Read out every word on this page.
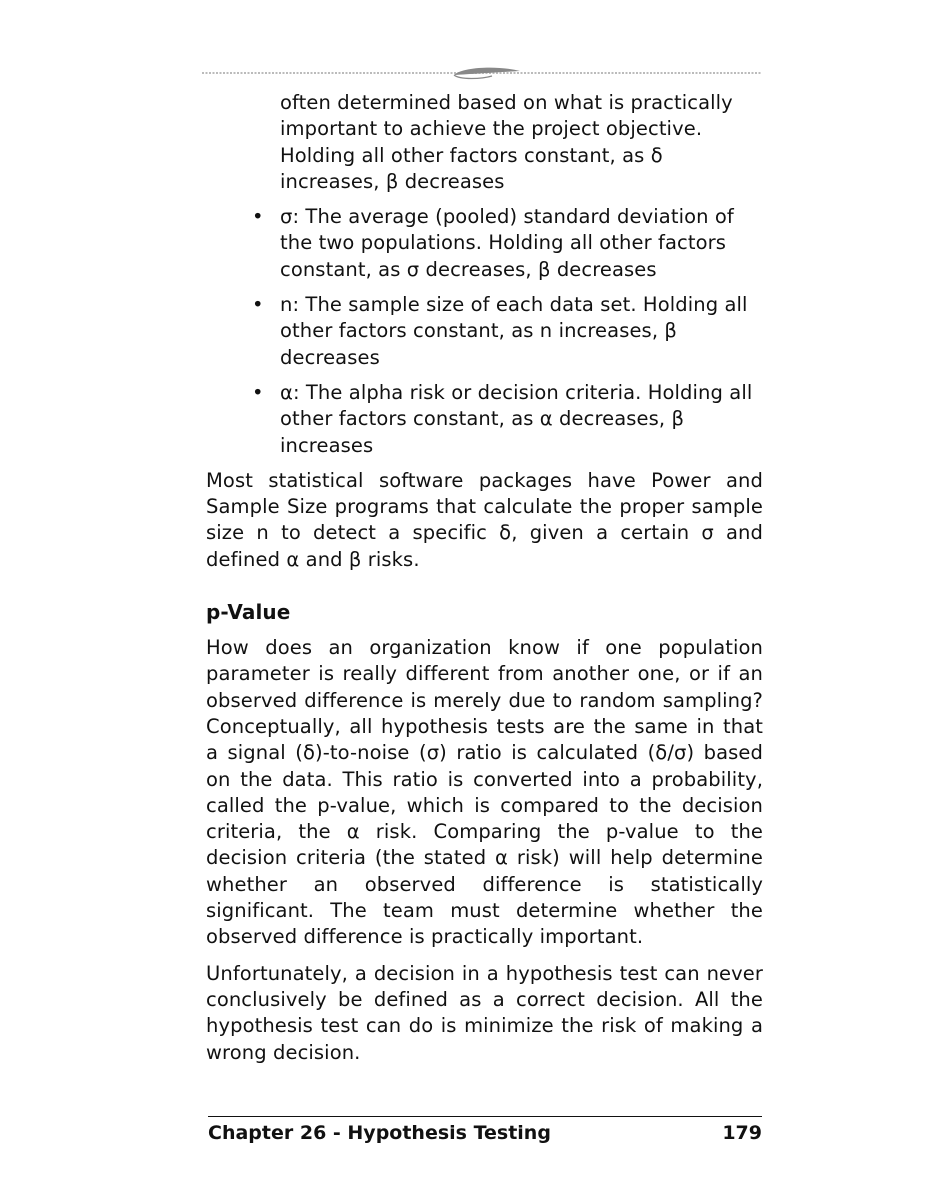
often determined based on what is practically important to achieve the project objective. Holding all other factors constant, as δ increases, β decreases

• σ: The average (pooled) standard deviation of the two populations. Holding all other factors constant, as σ decreases, β decreases
• n: The sample size of each data set. Holding all other factors constant, as n increases, β decreases
• α: The alpha risk or decision criteria. Holding all other factors constant, as α decreases, β increases

Most statistical software packages have Power and Sample Size programs that calculate the proper sample size n to detect a specific δ, given a certain σ and defined α and β risks.

p-Value

How does an organization know if one population parameter is really different from another one, or if an observed difference is merely due to random sampling? Conceptually, all hypothesis tests are the same in that a signal (δ)-to-noise (σ) ratio is calculated (δ/σ) based on the data. This ratio is converted into a probability, called the p-value, which is compared to the decision criteria, the α risk. Comparing the p-value to the decision criteria (the stated α risk) will help determine whether an observed difference is statistically significant. The team must determine whether the observed difference is practically important.

Unfortunately, a decision in a hypothesis test can never conclusively be defined as a correct decision. All the hypothesis test can do is minimize the risk of making a wrong decision.

Chapter 26 - Hypothesis Testing	179
